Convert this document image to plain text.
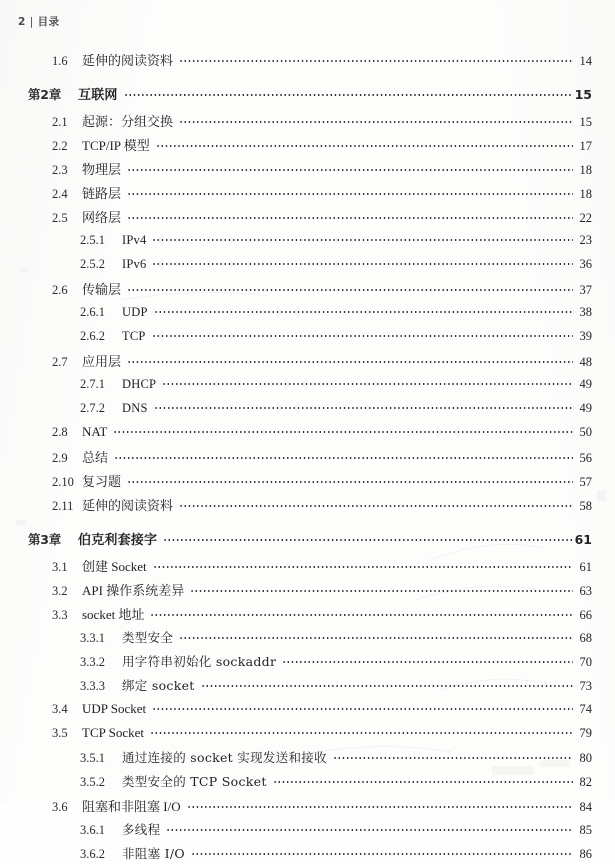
2 | 目录
1.6	延伸的阅读资料	14
第2章	互联网	15
2.1	起源：分组交换	15
2.2	TCP/IP 模型	17
2.3	物理层	18
2.4	链路层	18
2.5	网络层	22
2.5.1	IPv4	23
2.5.2	IPv6	36
2.6	传输层	37
2.6.1	UDP	38
2.6.2	TCP	39
2.7	应用层	48
2.7.1	DHCP	49
2.7.2	DNS	49
2.8	NAT	50
2.9	总结	56
2.10 复习题	57
2.11 延伸的阅读资料	58
第3章	伯克利套接字	61
3.1	创建 Socket	61
3.2	API 操作系统差异	63
3.3	socket 地址	66
3.3.1	类型安全	68
3.3.2	用字符串初始化 sockaddr	70
3.3.3	绑定 socket	73
3.4	UDP Socket	74
3.5	TCP Socket	79
3.5.1	通过连接的 socket 实现发送和接收	80
3.5.2	类型安全的 TCP Socket	82
3.6	阻塞和非阻塞 I/O	84
3.6.1	多线程	85
3.6.2	非阻塞 I/O	86
